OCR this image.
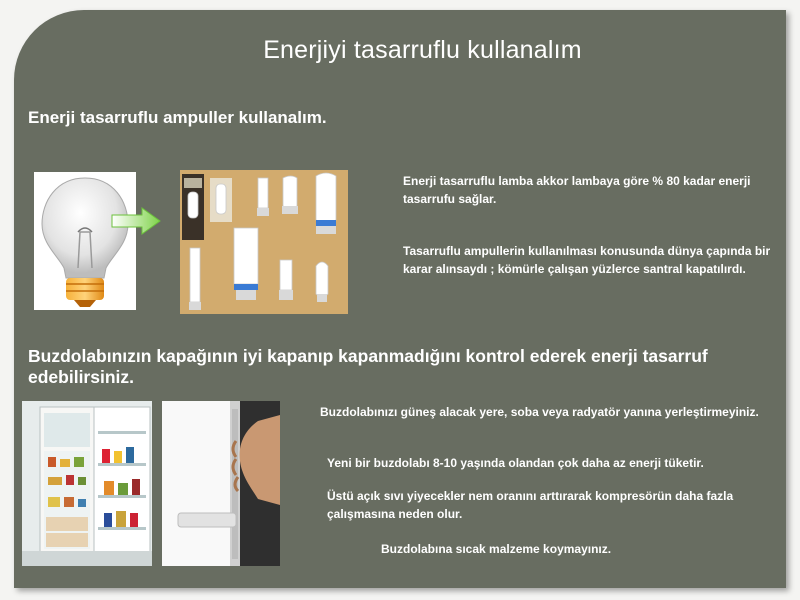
Enerjiyi tasarruflu kullanalım
Enerji tasarruflu ampuller kullanalım.
Enerji tasarruflu lamba akkor lambaya göre % 80 kadar enerji tasarrufu sağlar.
Tasarruflu ampullerin kullanılması konusunda dünya çapında bir karar alınsaydı ; kömürle çalışan yüzlerce santral kapatılırdı.
Buzdolabınızın kapağının iyi kapanıp kapanmadığını kontrol ederek enerji tasarruf edebilirsiniz.
Buzdolabınızı güneş alacak yere, soba veya radyatör yanına yerleştirmeyiniz.
Yeni bir buzdolabı 8-10 yaşında olandan çok daha az enerji tüketir.
Üstü açık sıvı yiyecekler nem oranını arttırarak kompresörün daha fazla çalışmasına neden olur.
Buzdolabına sıcak malzeme koymayınız.
